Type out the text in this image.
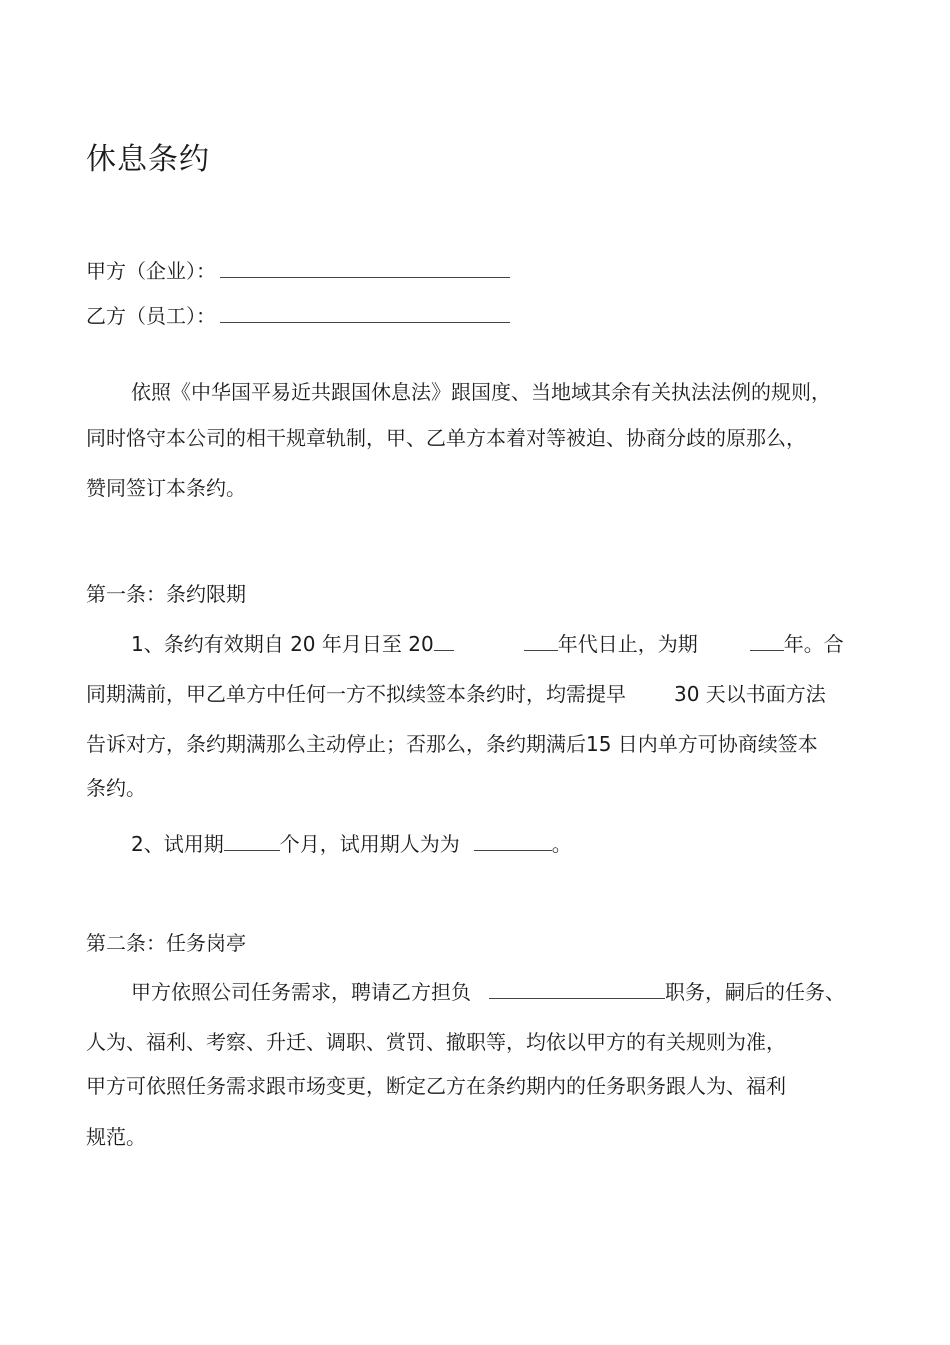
休息条约
甲方（企业）：
乙方（员工）：
依照《中华国平易近共跟国休息法》跟国度、当地域其余有关执法法例的规则，
同时恪守本公司的相干规章轨制，甲、乙单方本着对等被迫、协商分歧的原那么，
赞同签订本条约。
第一条：条约限期
1、条约有效期自 20 年月日至 20	年代日止，为期	年。合
同期满前，甲乙单方中任何一方不拟续签本条约时，均需提早 30 天以书面方法
告诉对方，条约期满那么主动停止；否那么，条约期满后15 日内单方可协商续签本
条约。
2、试用期	个月，试用期人为为	。
第二条：任务岗亭
甲方依照公司任务需求，聘请乙方担负	职务，嗣后的任务、
人为、福利、考察、升迁、调职、赏罚、撤职等，均依以甲方的有关规则为准，
甲方可依照任务需求跟市场变更，断定乙方在条约期内的任务职务跟人为、福利
规范。
